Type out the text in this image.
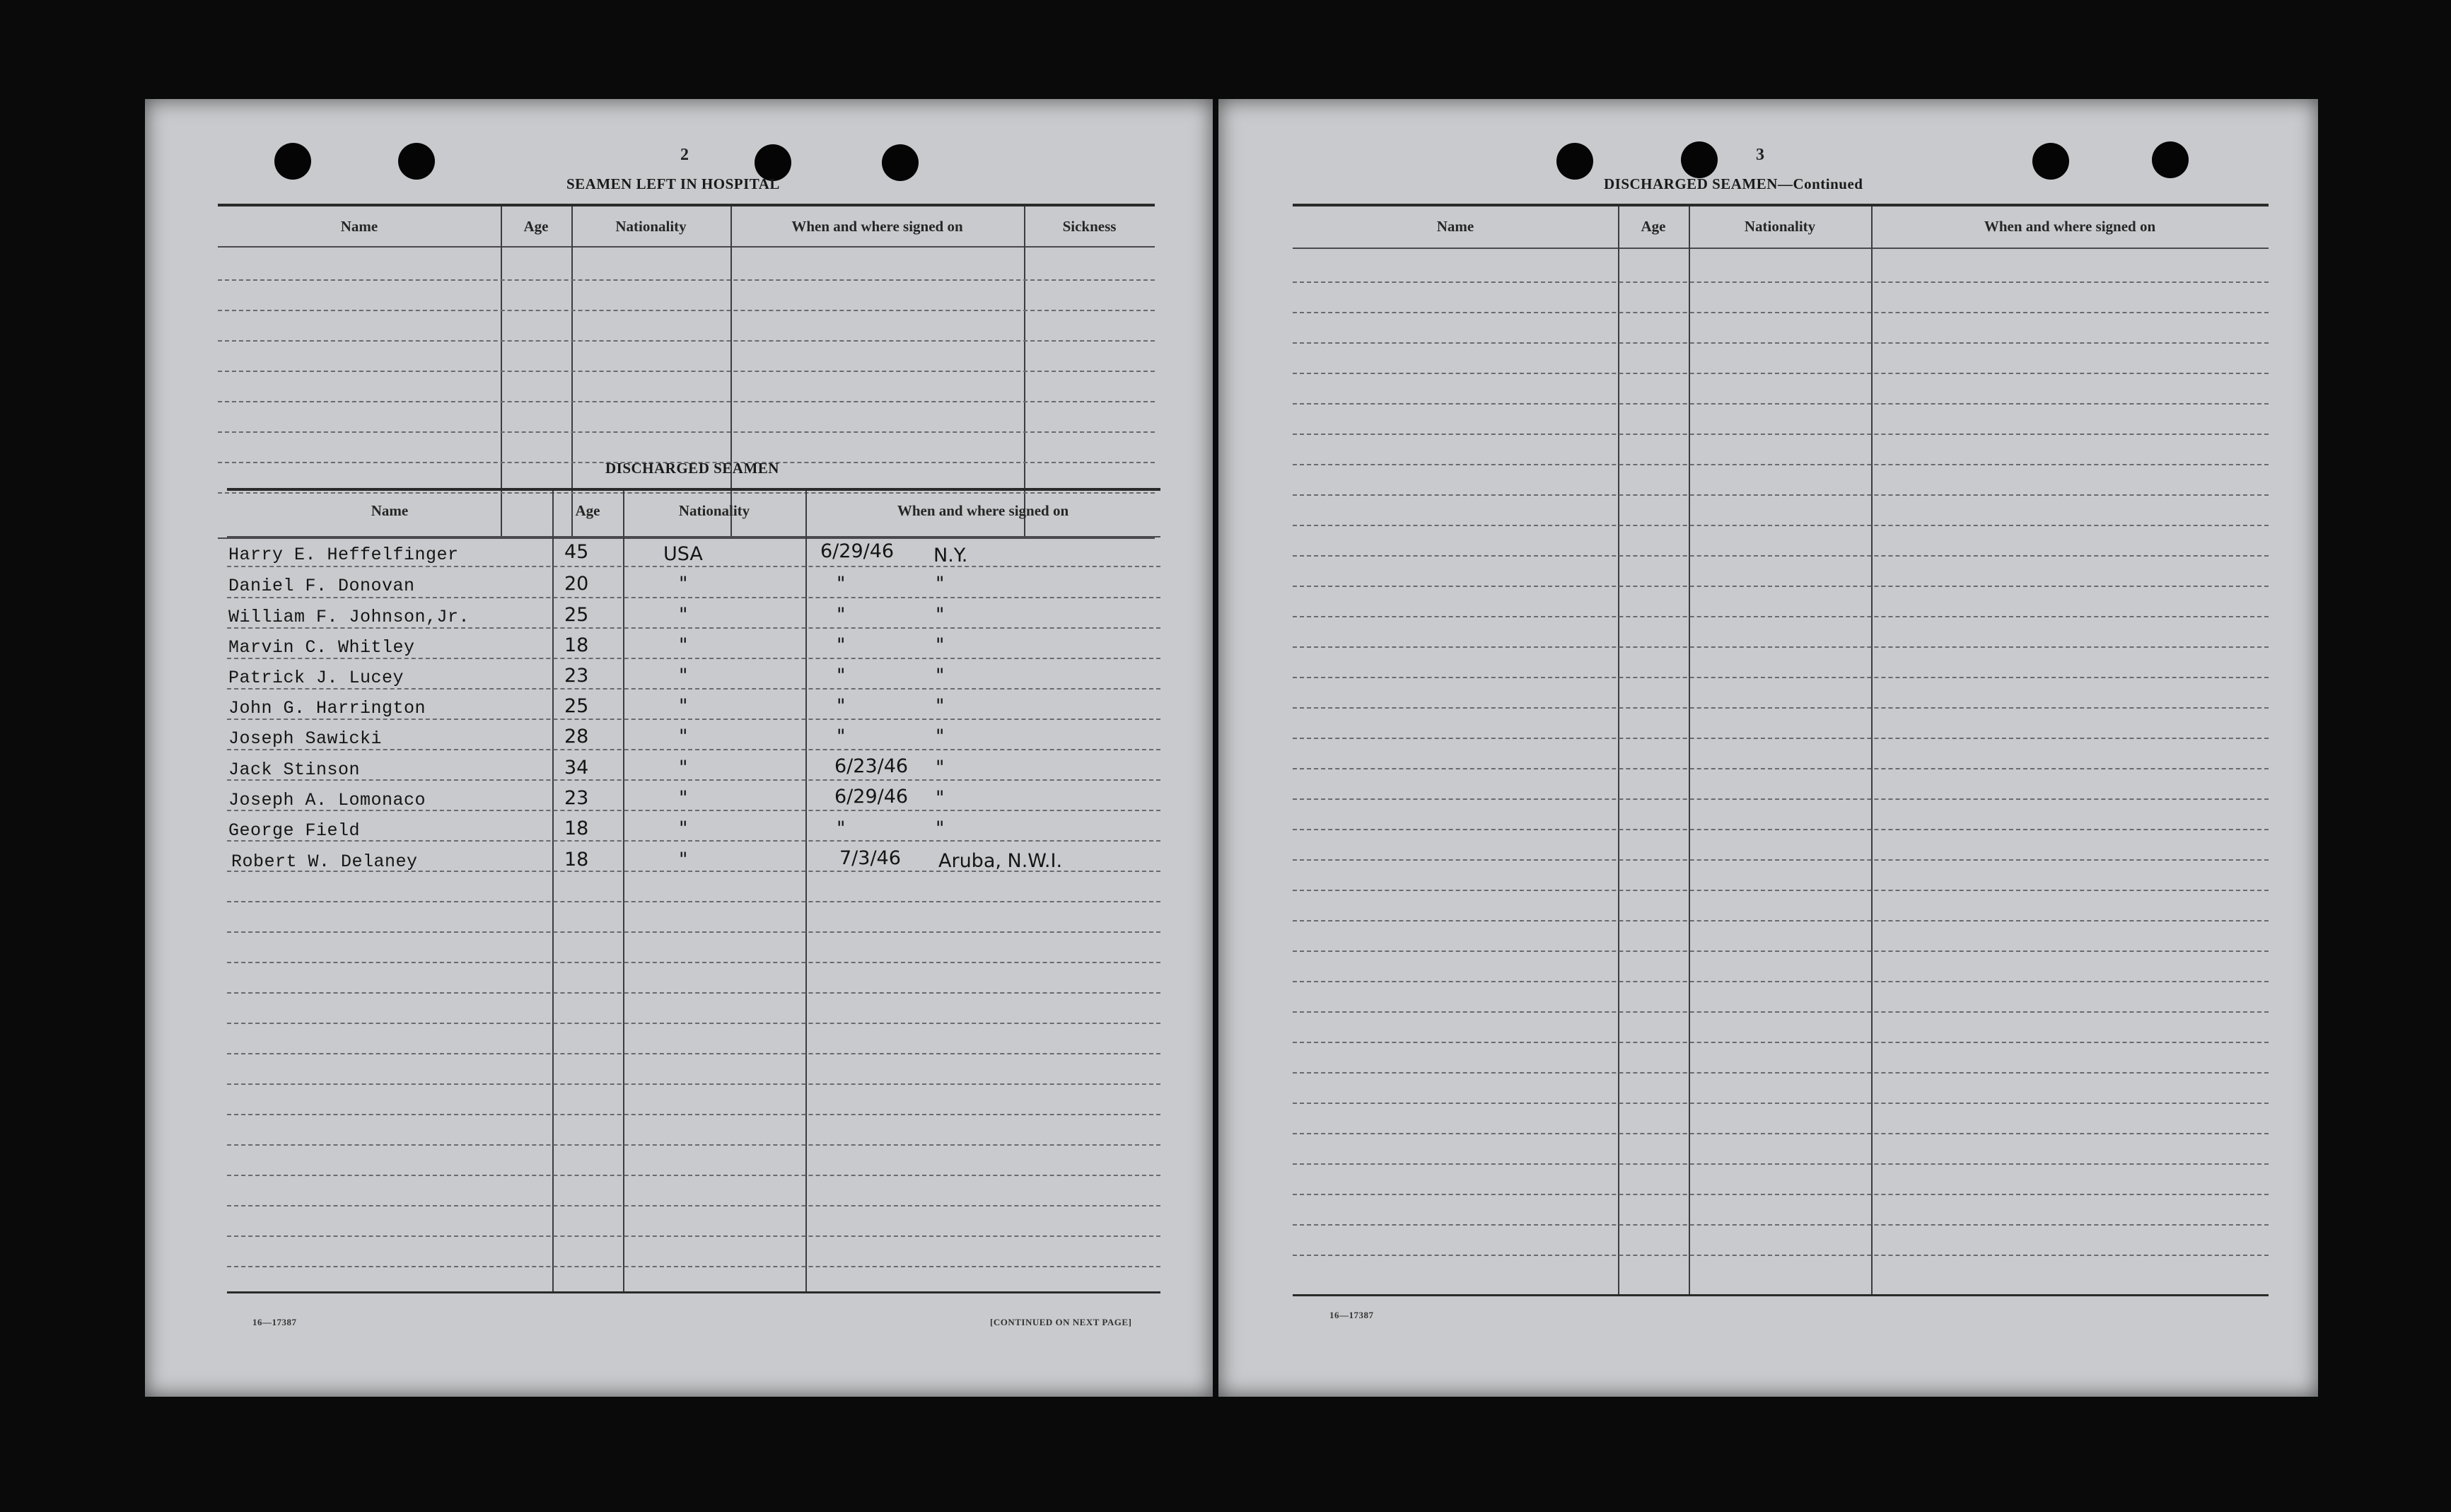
2
SEAMEN LEFT IN HOSPITAL
Name	Age	Nationality	When and where signed on	Sickness
DISCHARGED SEAMEN
Name	Age	Nationality	When and where signed on
Harry E. Heffelfinger	45	USA	6/29/46 N.Y.
Daniel F. Donovan	20	"	"	"
William F. Johnson,Jr.	25	"	"	"
Marvin C. Whitley	18	"	"	"
Patrick J. Lucey	23	"	"	"
John G. Harrington	25	"	"	"
Joseph Sawicki	28	"	"	"
Jack Stinson	34	"	6/23/46 "
Joseph A. Lomonaco	23	"	6/29/46 "
George Field	18	"	"	"
Robert W. Delaney	18	"	7/3/46 Aruba, N.W.I.
16—17387	[CONTINUED ON NEXT PAGE]
3
DISCHARGED SEAMEN—Continued
Name	Age	Nationality	When and where signed on
16—17387
